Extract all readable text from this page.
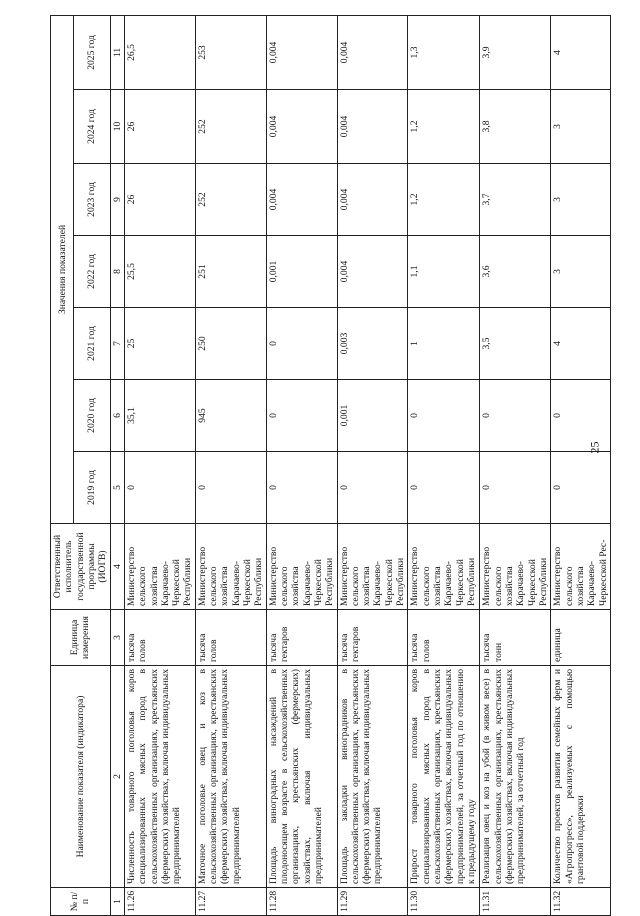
№ п/п	Наименование показателя (индикатора)	Единица измерения	Ответственный исполнитель государственной программы (ИОГВ)	Значения показателей						
				2019 год	2020 год	2021 год	2022 год	2023 год	2024 год	2025 год
1	2	3	4	5	6	7	8	9	10	11
11.26	Численность товарного поголовья коров специализированных мясных пород в сельскохозяйственных организациях, крестьянских (фермерских) хозяйствах, включая индивидуальных предпринимателей	тысяча голов	Министерство сельского хозяйства Карачаево-Черкесской Республики	0	35,1	25	25,5	26	26	26,5
11.27	Маточное поголовье овец и коз в сельскохозяйственных организациях, крестьянских (фермерских) хозяйствах, включая индивидуальных предпринимателей	тысяча голов	Министерство сельского хозяйства Карачаево-Черкесской Республики	0	945	250	251	252	252	253
11.28	Площадь виноградных насаждений в плодоносящем возрасте в сельскохозяйственных организациях, крестьянских (фермерских) хозяйствах, включая индивидуальных предпринимателей	тысяча гектаров	Министерство сельского хозяйства Карачаево-Черкесской Республики	0	0	0	0,001	0,004	0,004	0,004
11.29	Площадь закладки виноградников в сельскохозяйственных организациях, крестьянских (фермерских) хозяйствах, включая индивидуальных предпринимателей	тысяча гектаров	Министерство сельского хозяйства Карачаево-Черкесской Республики	0	0,001	0,003	0,004	0,004	0,004	0,004
11.30	Прирост товарного поголовья коров специализированных мясных пород в сельскохозяйственных организациях, крестьянских (фермерских) хозяйствах, включая индивидуальных предпринимателей, за отчетный год по отношению к предыдущему году	тысяча голов	Министерство сельского хозяйства Карачаево-Черкесской Республики	0	0	1	1,1	1,2	1,2	1,3
11.31	Реализация овец и коз на убой (в живом весе) в сельскохозяйственных организациях, крестьянских (фермерских) хозяйствах, включая индивидуальных предпринимателей, за отчетный год	тысяча тонн	Министерство сельского хозяйства Карачаево-Черкесской Республики	0	0	3,5	3,6	3,7	3,8	3,9
11.32	Количество проектов развития семейных ферм и «Агропрогресс», реализуемых с помощью грантовой поддержки	единица	Министерство сельского хозяйства Карачаево-Черкесской Рес-	0	0	4	3	3	3	4
25
